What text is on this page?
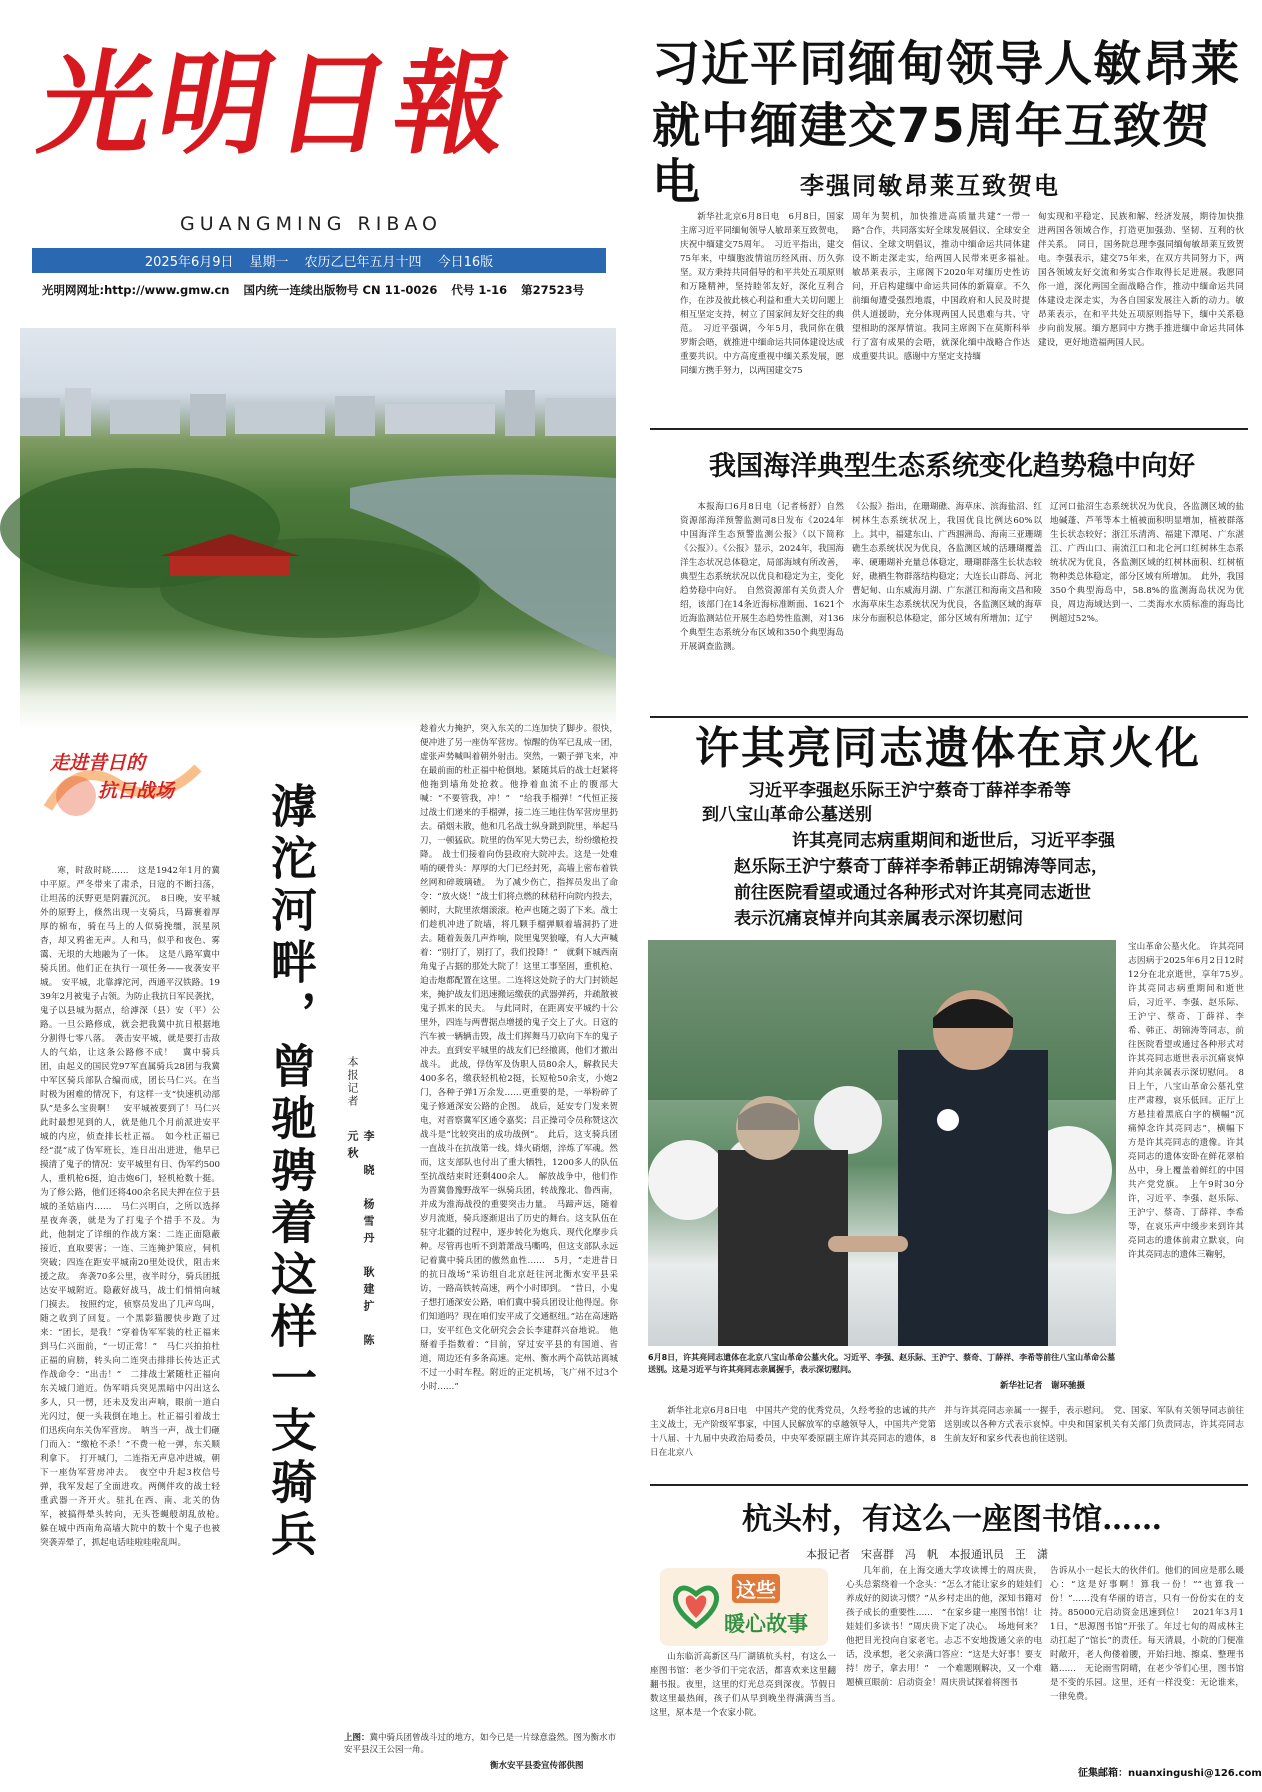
光明日報
GUANGMING RIBAO
2025年6月9日 星期一 农历乙巳年五月十四 今日16版
光明网网址:http://www.gmw.cn 国内统一连续出版物号 CN 11-0026 代号 1-16 第27523号
习近平同缅甸领导人敏昂莱
就中缅建交75周年互致贺电	李强同敏昂莱互致贺电
新华社北京6月8日电　6月8日，国家主席习近平同缅甸领导人敏昂莱互致贺电，庆祝中缅建交75周年。　习近平指出，建交75年来，中缅胞波情谊历经风雨、历久弥坚。双方秉持共同倡导的和平共处五项原则和万隆精神，坚持睦邻友好，深化互利合作，在涉及彼此核心利益和重大关切问题上相互坚定支持，树立了国家间友好交往的典范。　习近平强调，今年5月，我同你在俄罗斯会晤，就推进中缅命运共同体建设达成重要共识。中方高度重视中缅关系发展，愿同缅方携手努力，以两国建交75
周年为契机，加快推进高质量共建“一带一路”合作，共同落实好全球发展倡议、全球安全倡议、全球文明倡议，推动中缅命运共同体建设不断走深走实，给两国人民带来更多福祉。　敏昂莱表示，主席阁下2020年对缅历史性访问，开启构建缅中命运共同体的新篇章。不久前缅甸遭受强烈地震，中国政府和人民及时提供人道援助，充分体现两国人民患难与共、守望相助的深厚情谊。我同主席阁下在莫斯科举行了富有成果的会晤，就深化缅中战略合作达成重要共识。感谢中方坚定支持缅
甸实现和平稳定、民族和解、经济发展，期待加快推进两国各领域合作，打造更加强劲、坚韧、互利的伙伴关系。　同日，国务院总理李强同缅甸敏昂莱互致贺电。李强表示，建交75年来，在双方共同努力下，两国各领域友好交流和务实合作取得长足进展。我愿同你一道，深化两国全面战略合作，推动中缅命运共同体建设走深走实，为各自国家发展注入新的动力。敏昂莱表示，在和平共处五项原则指导下，缅中关系稳步向前发展。缅方愿同中方携手推进缅中命运共同体建设，更好地造福两国人民。
我国海洋典型生态系统变化趋势稳中向好
本报海口6月8日电（记者杨舒）自然资源部海洋预警监测司8日发布《2024年中国海洋生态预警监测公报》（以下简称《公报》）。《公报》显示，2024年，我国海洋生态状况总体稳定，局部海域有所改善，典型生态系统状况以优良和稳定为主，变化趋势稳中向好。　自然资源部有关负责人介绍，该部门在14条近海标准断面、1621个近海监测站位开展生态趋势性监测，对136个典型生态系统分布区域和350个典型海岛开展调查监测。
《公报》指出，在珊瑚礁、海草床、滨海盐沼、红树林生态系统状况上，我国优良比例达60%以上。其中，福建东山、广西涠洲岛、海南三亚珊瑚礁生态系统状况为优良，各监测区域的活珊瑚覆盖率、硬珊瑚补充量总体稳定，珊瑚群落生长状态较好，礁栖生物群落结构稳定；大连长山群岛、河北曹妃甸、山东威海月湖、广东湛江和海南文昌和陵水海草床生态系统状况为优良，各监测区域的海草床分布面积总体稳定，部分区域有所增加；辽宁
辽河口盐沼生态系统状况为优良，各监测区域的盐地碱蓬、芦苇等本土植被面积明显增加，植被群落生长状态较好；浙江乐清湾、福建下潭尾、广东湛江、广西山口、南流江口和北仑河口红树林生态系统状况为优良，各监测区域的红树林面积、红树植物种类总体稳定，部分区域有所增加。　此外，我国350个典型海岛中，58.8%的监测海岛状况为优良，周边海域达到一、二类海水水质标准的海岛比例超过52%。
走进昔日的
抗日战场
寒，时敌时晓……　这是1942年1月的冀中平原。严冬带来了肃杀，日寇的不断扫荡，让坦荡的沃野更是阴霾沉沉。　8日晚，安平城外的原野上，倏然出现一支骑兵，马蹄裹着厚厚的棉布，骑在马上的人似骑挽缰，泯星夙杳，却又鸦雀无声。人和马，似乎和夜色、雾霭、无垠的大地融为了一体。　这是八路军冀中骑兵团。他们正在执行一项任务——夜袭安平城。　安平城，北靠滹沱河，西通平汉铁路。1939年2月被鬼子占领。为防止我抗日军民袭扰，鬼子以县城为据点，给滹深（县）安（平）公路。一旦公路修成，就会把我冀中抗日根据地分割得七零八落。　袭击安平城，就是要打击敌人的气焰，让这条公路修不成！　冀中骑兵团，由起义的国民党97军直属骑兵28团与我冀中军区骑兵部队合编而成，团长马仁兴。在当时极为困难的情况下，有这样一支“快速机动部队”是多么宝贵啊！　安平城被要到了！马仁兴此时最想见到的人，就是他几个月前派进安平城的内应，侦查排长杜正福。　如今杜正福已经“混”成了伪军班长，连日出出进进，他早已摸清了鬼子的情况：安平城里有日、伪军约500人，重机枪6挺，迫击炮6门，轻机枪数十挺。为了修公路，他们还将400余名民夫押在位于县城的圣姑庙内……　马仁兴明白，之所以选择星夜奔袭，就是为了打鬼子个措手不及。为此，他制定了详细的作战方案：二连正面隐蔽接近，直取要害；一连、三连掩护策应，伺机突破；四连在距安平城南20里处设伏，阻击来援之敌。　奔袭70多公里，夜半时分，骑兵团抵达安平城附近。隐蔽好战马，战士们悄悄向城门摸去。　按照约定，侦察员发出了几声鸟叫，随之收到了回复。一个黑影猫腰快步跑了过来：“团长，是我！”穿着伪军军装的杜正福来到马仁兴面前，“一切正常！”　马仁兴拍拍杜正福的肩膀，转头向二连突击排排长传达正式作战命令：“出击！”　二排战士紧随杜正福向东关城门道近。伪军哨兵突见黑暗中闪出这么多人，只一愣，还未及发出声响，眼前一道白光闪过，便一头栽倒在地上。杜正福引着战士们迅疾向东关伪军营房。　呐当一声，战士们砸门而入：“缴枪不杀！”不费一枪一弹，东关顺利拿下。　打开城门，二连指无声息冲进城，朝下一座伪军营房冲去。　夜空中升起3枚信号弹，我军发起了全面进攻。两侧伴攻的战士轻重武器一齐开火。驻扎在西、南、北关的伪军，被搞得晕头转向，无头苍蝇般胡乱放枪。　躲在城中西南角高墙大院中的数十个鬼子也被突袭弄晕了，抓起电话哇啦哇啦乱叫。	滹沱河畔，曾驰骋着这样一支骑兵	本报记者
李　晓　杨雪丹　耿建扩　陈元秋
趁着火力掩护，突入东关的二连加快了脚步。很快，便冲进了另一座伪军营房。惊醒的伪军已乱成一团，虚张声势喊叫着朝外射击。突然，一颗子弹飞来，冲在最前面的杜正福中枪倒地。紧随其后的战士赶紧将他拖到墙角处抢救。他挣着血流不止的腹部大喊：“不要管我，冲！”　“给我手榴弹！”代恒正接过战士们递来的手榴弹，接二连三地往伪军营房里扔去。硝烟未散，他和几名战士纵身跳到院里，举起马刀，一顿猛砍。院里的伪军见大势已去，纷纷缴枪投降。　战士们接着向伪县政府大院冲去。这是一处难啃的硬骨头：厚厚的大门已经封死，高墙上密布着铁丝网和碎玻璃碴。　为了减少伤亡，指挥员发出了命令：“放火烧！”战士们将点燃的秫秸秆向院内投去，顿时，大院里浓烟滚滚。枪声也随之弱了下来。战士们趁机冲进了院墙，将几颗手榴弹顺着墙洞扔了进去。随着轰轰几声炸响，院里鬼哭狼嚎，有人大声喊着：“别打了，别打了，我们投降！”　就剩下城西南角鬼子占据的那处大院了！这里工事坚固，重机枪、迫击炮都配置在这里。二连将这处院子的大门封锁起来，掩护战友们迅速搬运缴获的武器弹药，并疏散被鬼子抓来的民夫。　与此同时，在距离安平城约十公里外，四连与两曹据点增援的鬼子交上了火。日寇的汽车被一辆辆击毁，战士们挥舞马刀砍向下车的鬼子冲去。直到安平城里的战友们已经撤离，他们才撤出战斗。　此战，俘伪军及伪职人员80余人，解救民夫400多名，缴获轻机枪2挺，长短枪50余支，小炮2门，各种子弹1万余发……更重要的是，一举粉碎了鬼子修通深安公路的企图。　战后，延安专门发来贺电，对晋察冀军区通令嘉奖；吕正操司令员称赞这次战斗是“比较突出的成功战例”。　此后，这支骑兵团一直战斗在抗战第一线。烽火硝烟，淬炼了军魂。然而，这支部队也付出了重大牺牲，1200多人的队伍至抗战结束时还剩400余人。　解放战争中，他们作为晋冀鲁豫野战军一纵骑兵团，转战豫北、鲁西南，并成为淮海战役的重要突击力量。　马蹄声远，随着岁月流逝，骑兵逐渐退出了历史的舞台。这支队伍在驻守北疆的过程中，逐步转化为炮兵、现代化摩步兵种。尽管再也听不到萧萧战马嘶鸣，但这支部队永远记着冀中骑兵团的傲然血性……　5月，“走进昔日的抗日战场”采访组自北京赶往河北衡水安平县采访，一路高铁转高速，两个小时即到。　“昔日，小鬼子想打通深安公路，咱们冀中骑兵团设让他得逞。你们知道吗？现在咱们安平成了交通枢纽。”站在高速路口，安平红色文化研究会会长李建群兴奋地说。　他掰着手指数着：“目前，穿过安平县的有国道、省道，周边还有多条高速。定州、衡水两个高铁站离城不过一小时车程。附近的正定机场，飞广州不过3个小时……”
上图：冀中骑兵团曾战斗过的地方，如今已是一片绿意盎然。图为衡水市安平县汉王公园一角。
衡水安平县委宣传部供图
许其亮同志遗体在京火化
习近平李强赵乐际王沪宁蔡奇丁薛祥李希等
到八宝山革命公墓送别
许其亮同志病重期间和逝世后，习近平李强
赵乐际王沪宁蔡奇丁薛祥李希韩正胡锦涛等同志，
前往医院看望或通过各种形式对许其亮同志逝世
表示沉痛哀悼并向其亲属表示深切慰问
6月8日，许其亮同志遗体在北京八宝山革命公墓火化。习近平、李强、赵乐际、王沪宁、蔡奇、丁薛祥、李希等前往八宝山革命公墓送别。这是习近平与许其亮同志亲属握手，表示深切慰问。
新华社记者　谢环驰摄
宝山革命公墓火化。　许其亮同志因病于2025年6月2日12时12分在北京逝世，享年75岁。　许其亮同志病重期间和逝世后，习近平、李强、赵乐际、王沪宁、蔡奇、丁薛祥、李希、韩正、胡锦涛等同志，前往医院看望或通过各种形式对许其亮同志逝世表示沉痛哀悼并向其亲属表示深切慰问。　8日上午，八宝山革命公墓礼堂庄严肃穆，哀乐低回。正厅上方悬挂着黑底白字的横幅“沉痛悼念许其亮同志”，横幅下方是许其亮同志的遗像。许其亮同志的遗体安卧在鲜花翠柏丛中，身上覆盖着鲜红的中国共产党党旗。　上午9时30分许，习近平、李强、赵乐际、王沪宁、蔡奇、丁薛祥、李希等，在哀乐声中缓步来到许其亮同志的遗体前肃立默哀，向许其亮同志的遗体三鞠躬，
新华社北京6月8日电　中国共产党的优秀党员，久经考验的忠诚的共产主义战士，无产阶级军事家，中国人民解放军的卓越领导人，中国共产党第十八届、十九届中央政治局委员，中央军委原副主席许其亮同志的遗体，8日在北京八
并与许其亮同志亲属一一握手，表示慰问。　党、国家、军队有关领导同志前往送别或以各种方式表示哀悼。中央和国家机关有关部门负责同志，许其亮同志生前友好和家乡代表也前往送别。
杭头村，有这么一座图书馆……
本报记者　宋喜群　冯　帆　本报通讯员　王　潇
这些
暖心故事
山东临沂高新区马厂湖镇杭头村，有这么一座图书馆：老少爷们干完农活，都喜欢来这里翻翻书报。夜里，这里的灯光总亮到深夜。节假日数这里最热闹，孩子们从早到晚坐得满满当当。　这里，原本是一个农家小院。
几年前，在上海交通大学攻读博士的周庆贵，心头总萦绕着一个念头：“怎么才能让家乡的娃娃们养成好的阅读习惯？”从乡村走出的他，深知书籍对孩子成长的重要性……　“在家乡建一座图书馆！让娃娃们多读书！”周庆贵下定了决心。　场地何来？他把目光投向自家老宅。忐忑不安地拨通父亲的电话，没承想，老父亲满口答应：“这是大好事！要支持！房子，拿去用！”　一个难题刚解决，又一个难题横亘眼前：启动资金！周庆贵试探着将图书
告诉从小一起长大的伙伴们。他们的回应是那么暖心：“这是好事啊！算我一份！”“也算我一份！”……没有华丽的语言，只有一份份实在的支持。85000元启动资金迅速到位！　2021年3月11日，“思源图书馆”开张了。年过七旬的周成林主动扛起了“馆长”的责任。每天清晨，小院的门便准时敞开，老人佝偻着腰，开始扫地、擦桌、整理书籍……　无论雨雪阴晴，在老少爷们心里，图书馆是不变的乐园。这里，还有一样没变：无论谁来，一律免费。
征集邮箱：nuanxingushi@126.com
